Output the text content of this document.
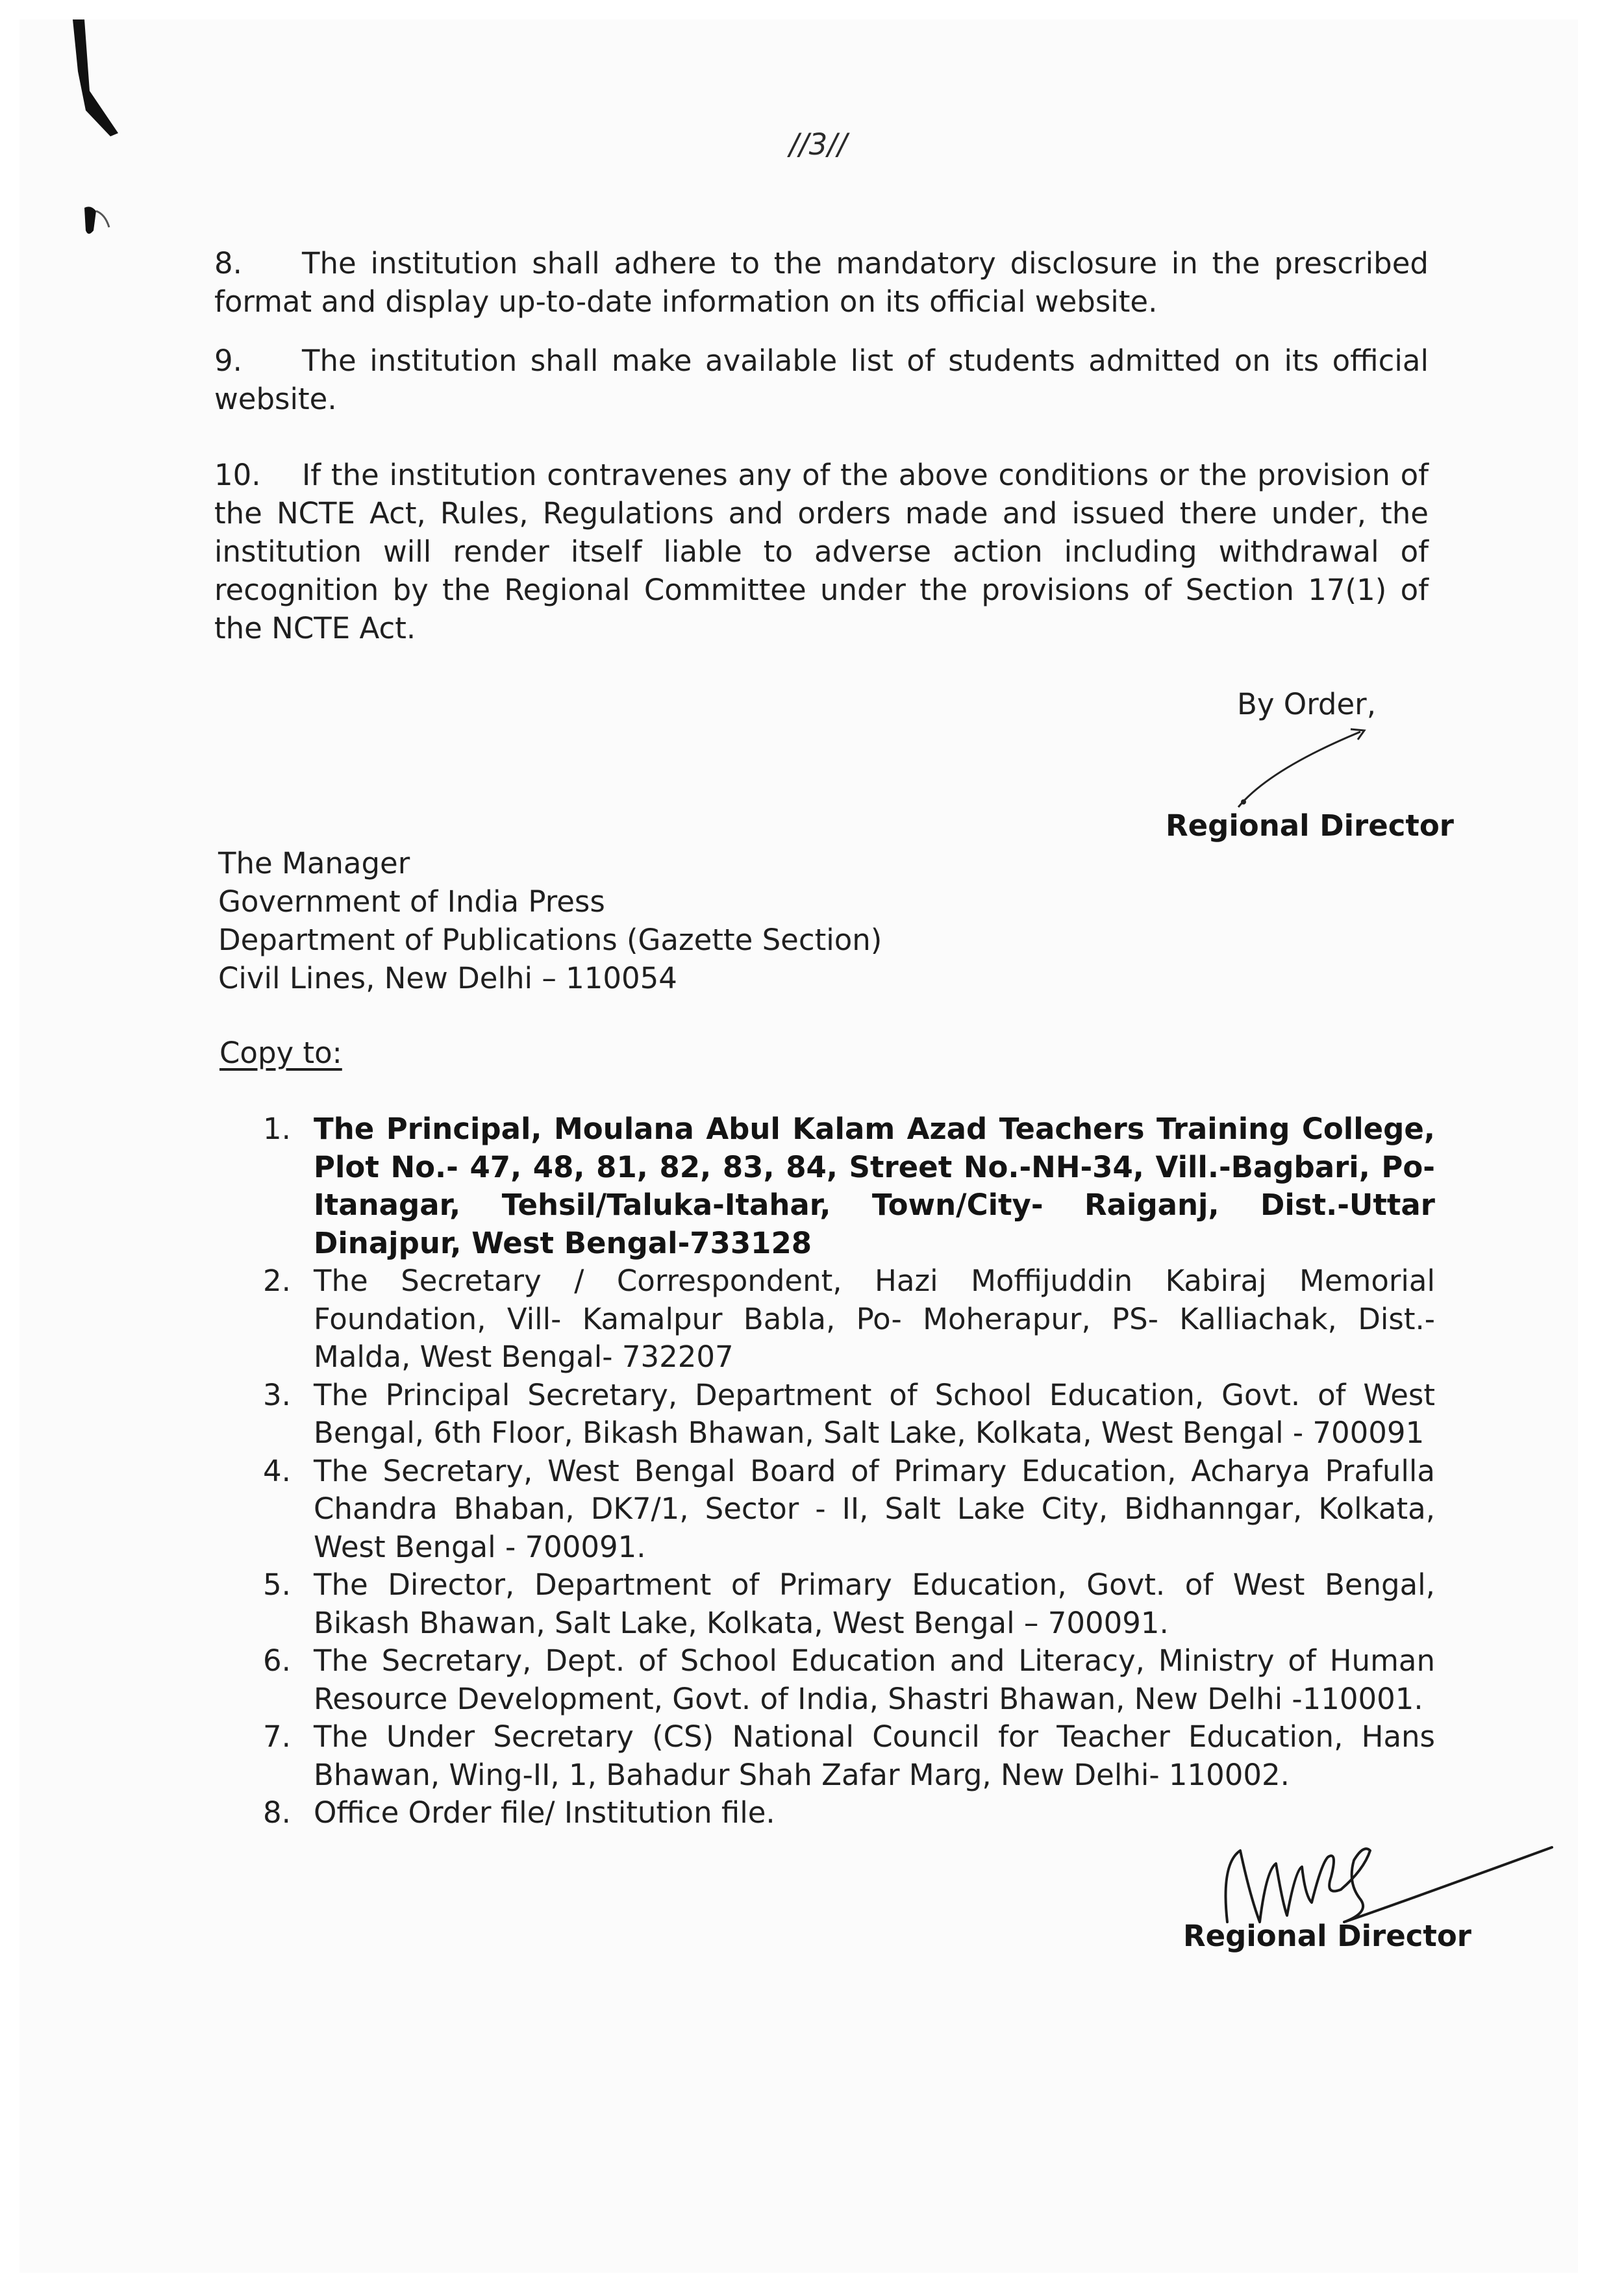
//3//
8. The institution shall adhere to the mandatory disclosure in the prescribed format and display up-to-date information on its official website.
9. The institution shall make available list of students admitted on its official website.
10. If the institution contravenes any of the above conditions or the provision of the NCTE Act, Rules, Regulations and orders made and issued there under, the institution will render itself liable to adverse action including withdrawal of recognition by the Regional Committee under the provisions of Section 17(1) of the NCTE Act.
By Order,
Regional Director
The Manager
Government of India Press
Department of Publications (Gazette Section)
Civil Lines, New Delhi – 110054
Copy to:
1. The Principal, Moulana Abul Kalam Azad Teachers Training College, Plot No.- 47, 48, 81, 82, 83, 84, Street No.-NH-34, Vill.-Bagbari, Po-Itanagar, Tehsil/Taluka-Itahar, Town/City- Raiganj, Dist.-Uttar Dinajpur, West Bengal-733128
2. The Secretary / Correspondent, Hazi Moffijuddin Kabiraj Memorial Foundation, Vill- Kamalpur Babla, Po- Moherapur, PS- Kalliachak, Dist.- Malda, West Bengal- 732207
3. The Principal Secretary, Department of School Education, Govt. of West Bengal, 6th Floor, Bikash Bhawan, Salt Lake, Kolkata, West Bengal - 700091
4. The Secretary, West Bengal Board of Primary Education, Acharya Prafulla Chandra Bhaban, DK7/1, Sector - II, Salt Lake City, Bidhanngar, Kolkata, West Bengal - 700091.
5. The Director, Department of Primary Education, Govt. of West Bengal, Bikash Bhawan, Salt Lake, Kolkata, West Bengal – 700091.
6. The Secretary, Dept. of School Education and Literacy, Ministry of Human Resource Development, Govt. of India, Shastri Bhawan, New Delhi -110001.
7. The Under Secretary (CS) National Council for Teacher Education, Hans Bhawan, Wing-II, 1, Bahadur Shah Zafar Marg, New Delhi- 110002.
8. Office Order file/ Institution file.
Regional Director
